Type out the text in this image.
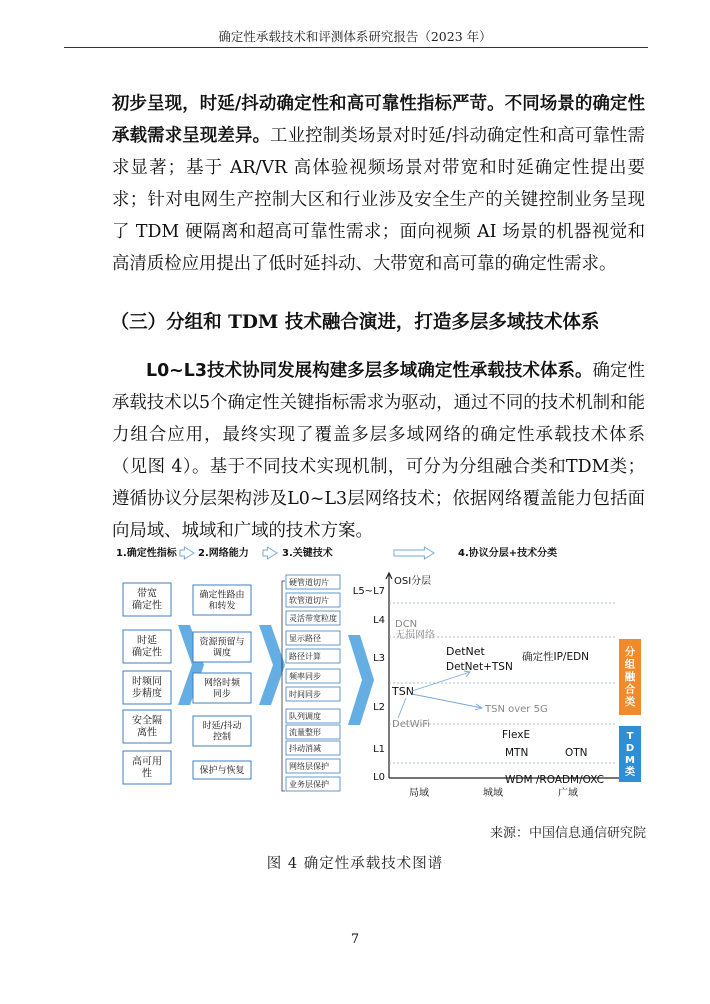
确定性承载技术和评测体系研究报告（2023 年）
初步呈现，时延/抖动确定性和高可靠性指标严苛。不同场景的确定性承载需求呈现差异。工业控制类场景对时延/抖动确定性和高可靠性需求显著；基于 AR/VR 高体验视频场景对带宽和时延确定性提出要求；针对电网生产控制大区和行业涉及安全生产的关键控制业务呈现了 TDM 硬隔离和超高可靠性需求；面向视频 AI 场景的机器视觉和高清质检应用提出了低时延抖动、大带宽和高可靠的确定性需求。
（三）分组和 TDM 技术融合演进，打造多层多域技术体系
L0~L3技术协同发展构建多层多域确定性承载技术体系。确定性承载技术以5个确定性关键指标需求为驱动，通过不同的技术机制和能力组合应用，最终实现了覆盖多层多域网络的确定性承载技术体系（见图 4）。基于不同技术实现机制，可分为分组融合类和TDM类；遵循协议分层架构涉及L0~L3层网络技术；依据网络覆盖能力包括面向局域、城域和广域的技术方案。
1.确定性指标 2.网络能力	3.关键技术	4.协议分层+技术分类
带宽确定性
时延确定性
时频同步精度
安全隔离性
高可用性
确定性路由和转发
资源预留与调度
网络时频同步
时延/抖动控制
保护与恢复
硬管道切片
软管道切片
灵活带宽粒度
显示路径
路径计算
频率同步
时间同步
队列调度
流量整形
抖动消减
网络层保护
业务层保护
L5~L7
L4
L3
L2
L1
L0
OSI分层
局域	城域	广域
DCN
无损网络
DetNet
DetNet+TSN
确定性IP/EDN
TSN
TSN over 5G
DetWiFi
FlexE
MTN	OTN
WDM /ROADM/OXC
分组融合类
T D M 类
来源：中国信息通信研究院
图 4 确定性承载技术图谱
7
